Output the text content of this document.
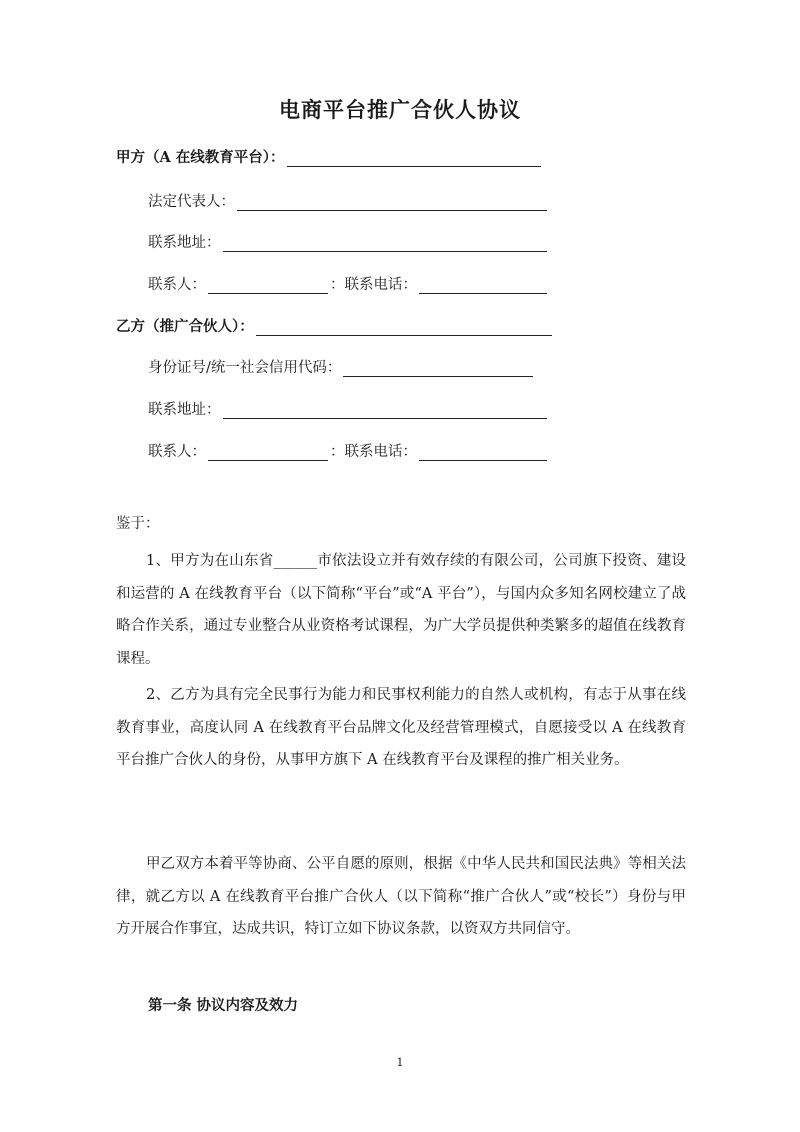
电商平台推广合伙人协议
甲方（A 在线教育平台）：
法定代表人：
联系地址：
联系人：	：联系电话：
乙方（推广合伙人）：
身份证号/统一社会信用代码：
联系地址：
联系人：	：联系电话：
鉴于：
1、甲方为在山东省______市依法设立并有效存续的有限公司，公司旗下投资、建设和运营的 A 在线教育平台（以下简称“平台”或“A 平台”），与国内众多知名网校建立了战略合作关系，通过专业整合从业资格考试课程，为广大学员提供种类繁多的超值在线教育课程。
2、乙方为具有完全民事行为能力和民事权利能力的自然人或机构，有志于从事在线教育事业，高度认同 A 在线教育平台品牌文化及经营管理模式，自愿接受以 A 在线教育平台推广合伙人的身份，从事甲方旗下 A 在线教育平台及课程的推广相关业务。
甲乙双方本着平等协商、公平自愿的原则，根据《中华人民共和国民法典》等相关法律，就乙方以 A 在线教育平台推广合伙人（以下简称“推广合伙人”或“校长”）身份与甲方开展合作事宜，达成共识，特订立如下协议条款，以资双方共同信守。
第一条 协议内容及效力
1
